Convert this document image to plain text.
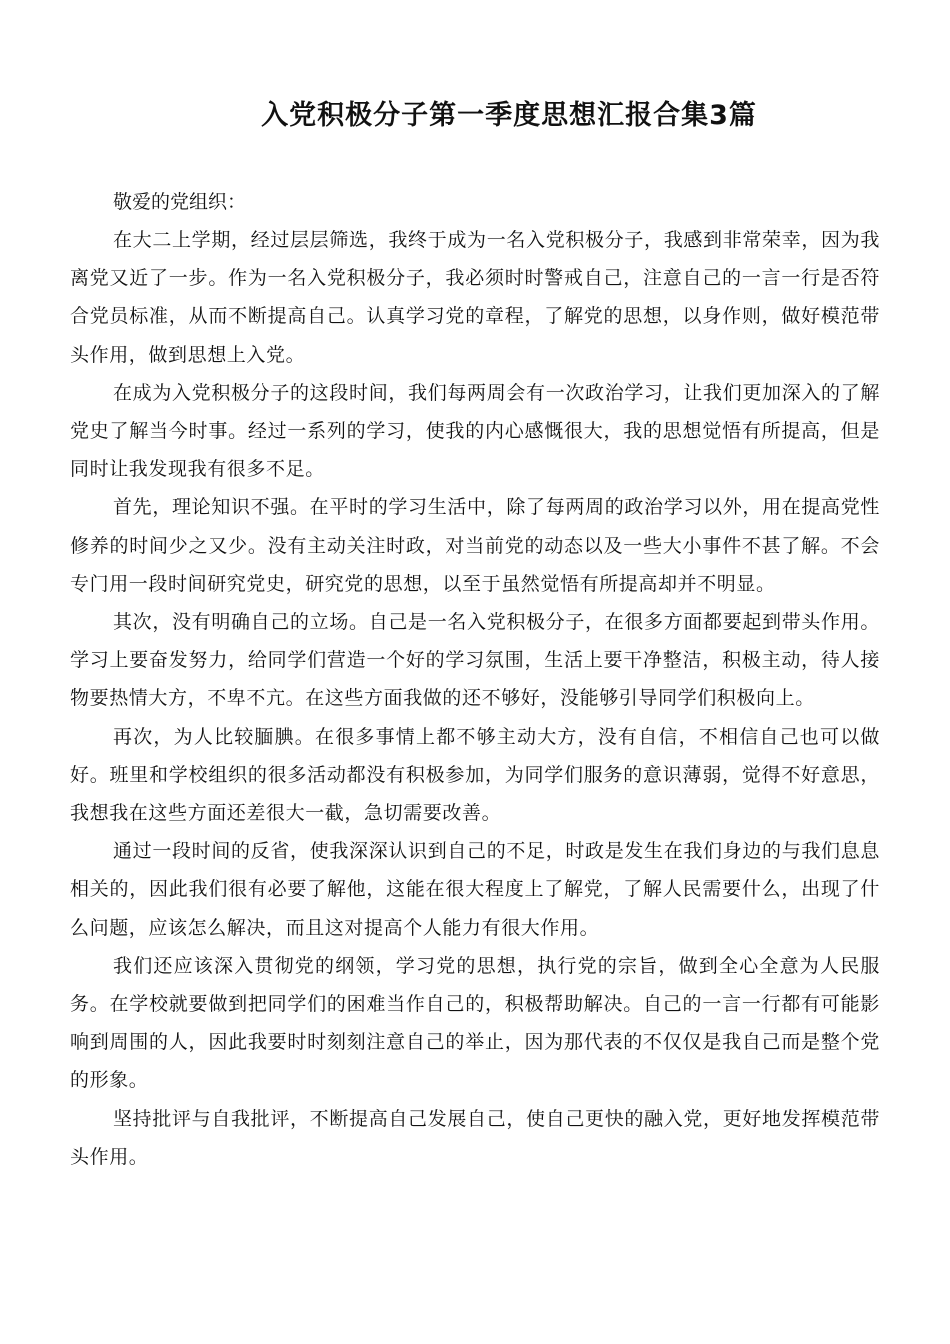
入党积极分子第一季度思想汇报合集3篇

敬爱的党组织：

在大二上学期，经过层层筛选，我终于成为一名入党积极分子，我感到非常荣幸，因为我离党又近了一步。作为一名入党积极分子，我必须时时警戒自己，注意自己的一言一行是否符合党员标准，从而不断提高自己。认真学习党的章程，了解党的思想，以身作则，做好模范带头作用，做到思想上入党。

在成为入党积极分子的这段时间，我们每两周会有一次政治学习，让我们更加深入的了解党史了解当今时事。经过一系列的学习，使我的内心感慨很大，我的思想觉悟有所提高，但是同时让我发现我有很多不足。

首先，理论知识不强。在平时的学习生活中，除了每两周的政治学习以外，用在提高党性修养的时间少之又少。没有主动关注时政，对当前党的动态以及一些大小事件不甚了解。不会专门用一段时间研究党史，研究党的思想，以至于虽然觉悟有所提高却并不明显。

其次，没有明确自己的立场。自己是一名入党积极分子，在很多方面都要起到带头作用。学习上要奋发努力，给同学们营造一个好的学习氛围，生活上要干净整洁，积极主动，待人接物要热情大方，不卑不亢。在这些方面我做的还不够好，没能够引导同学们积极向上。

再次，为人比较腼腆。在很多事情上都不够主动大方，没有自信，不相信自己也可以做好。班里和学校组织的很多活动都没有积极参加，为同学们服务的意识薄弱，觉得不好意思，我想我在这些方面还差很大一截，急切需要改善。

通过一段时间的反省，使我深深认识到自己的不足，时政是发生在我们身边的与我们息息相关的，因此我们很有必要了解他，这能在很大程度上了解党，了解人民需要什么，出现了什么问题，应该怎么解决，而且这对提高个人能力有很大作用。

我们还应该深入贯彻党的纲领，学习党的思想，执行党的宗旨，做到全心全意为人民服务。在学校就要做到把同学们的困难当作自己的，积极帮助解决。自己的一言一行都有可能影响到周围的人，因此我要时时刻刻注意自己的举止，因为那代表的不仅仅是我自己而是整个党的形象。

坚持批评与自我批评，不断提高自己发展自己，使自己更快的融入党，更好地发挥模范带头作用。
